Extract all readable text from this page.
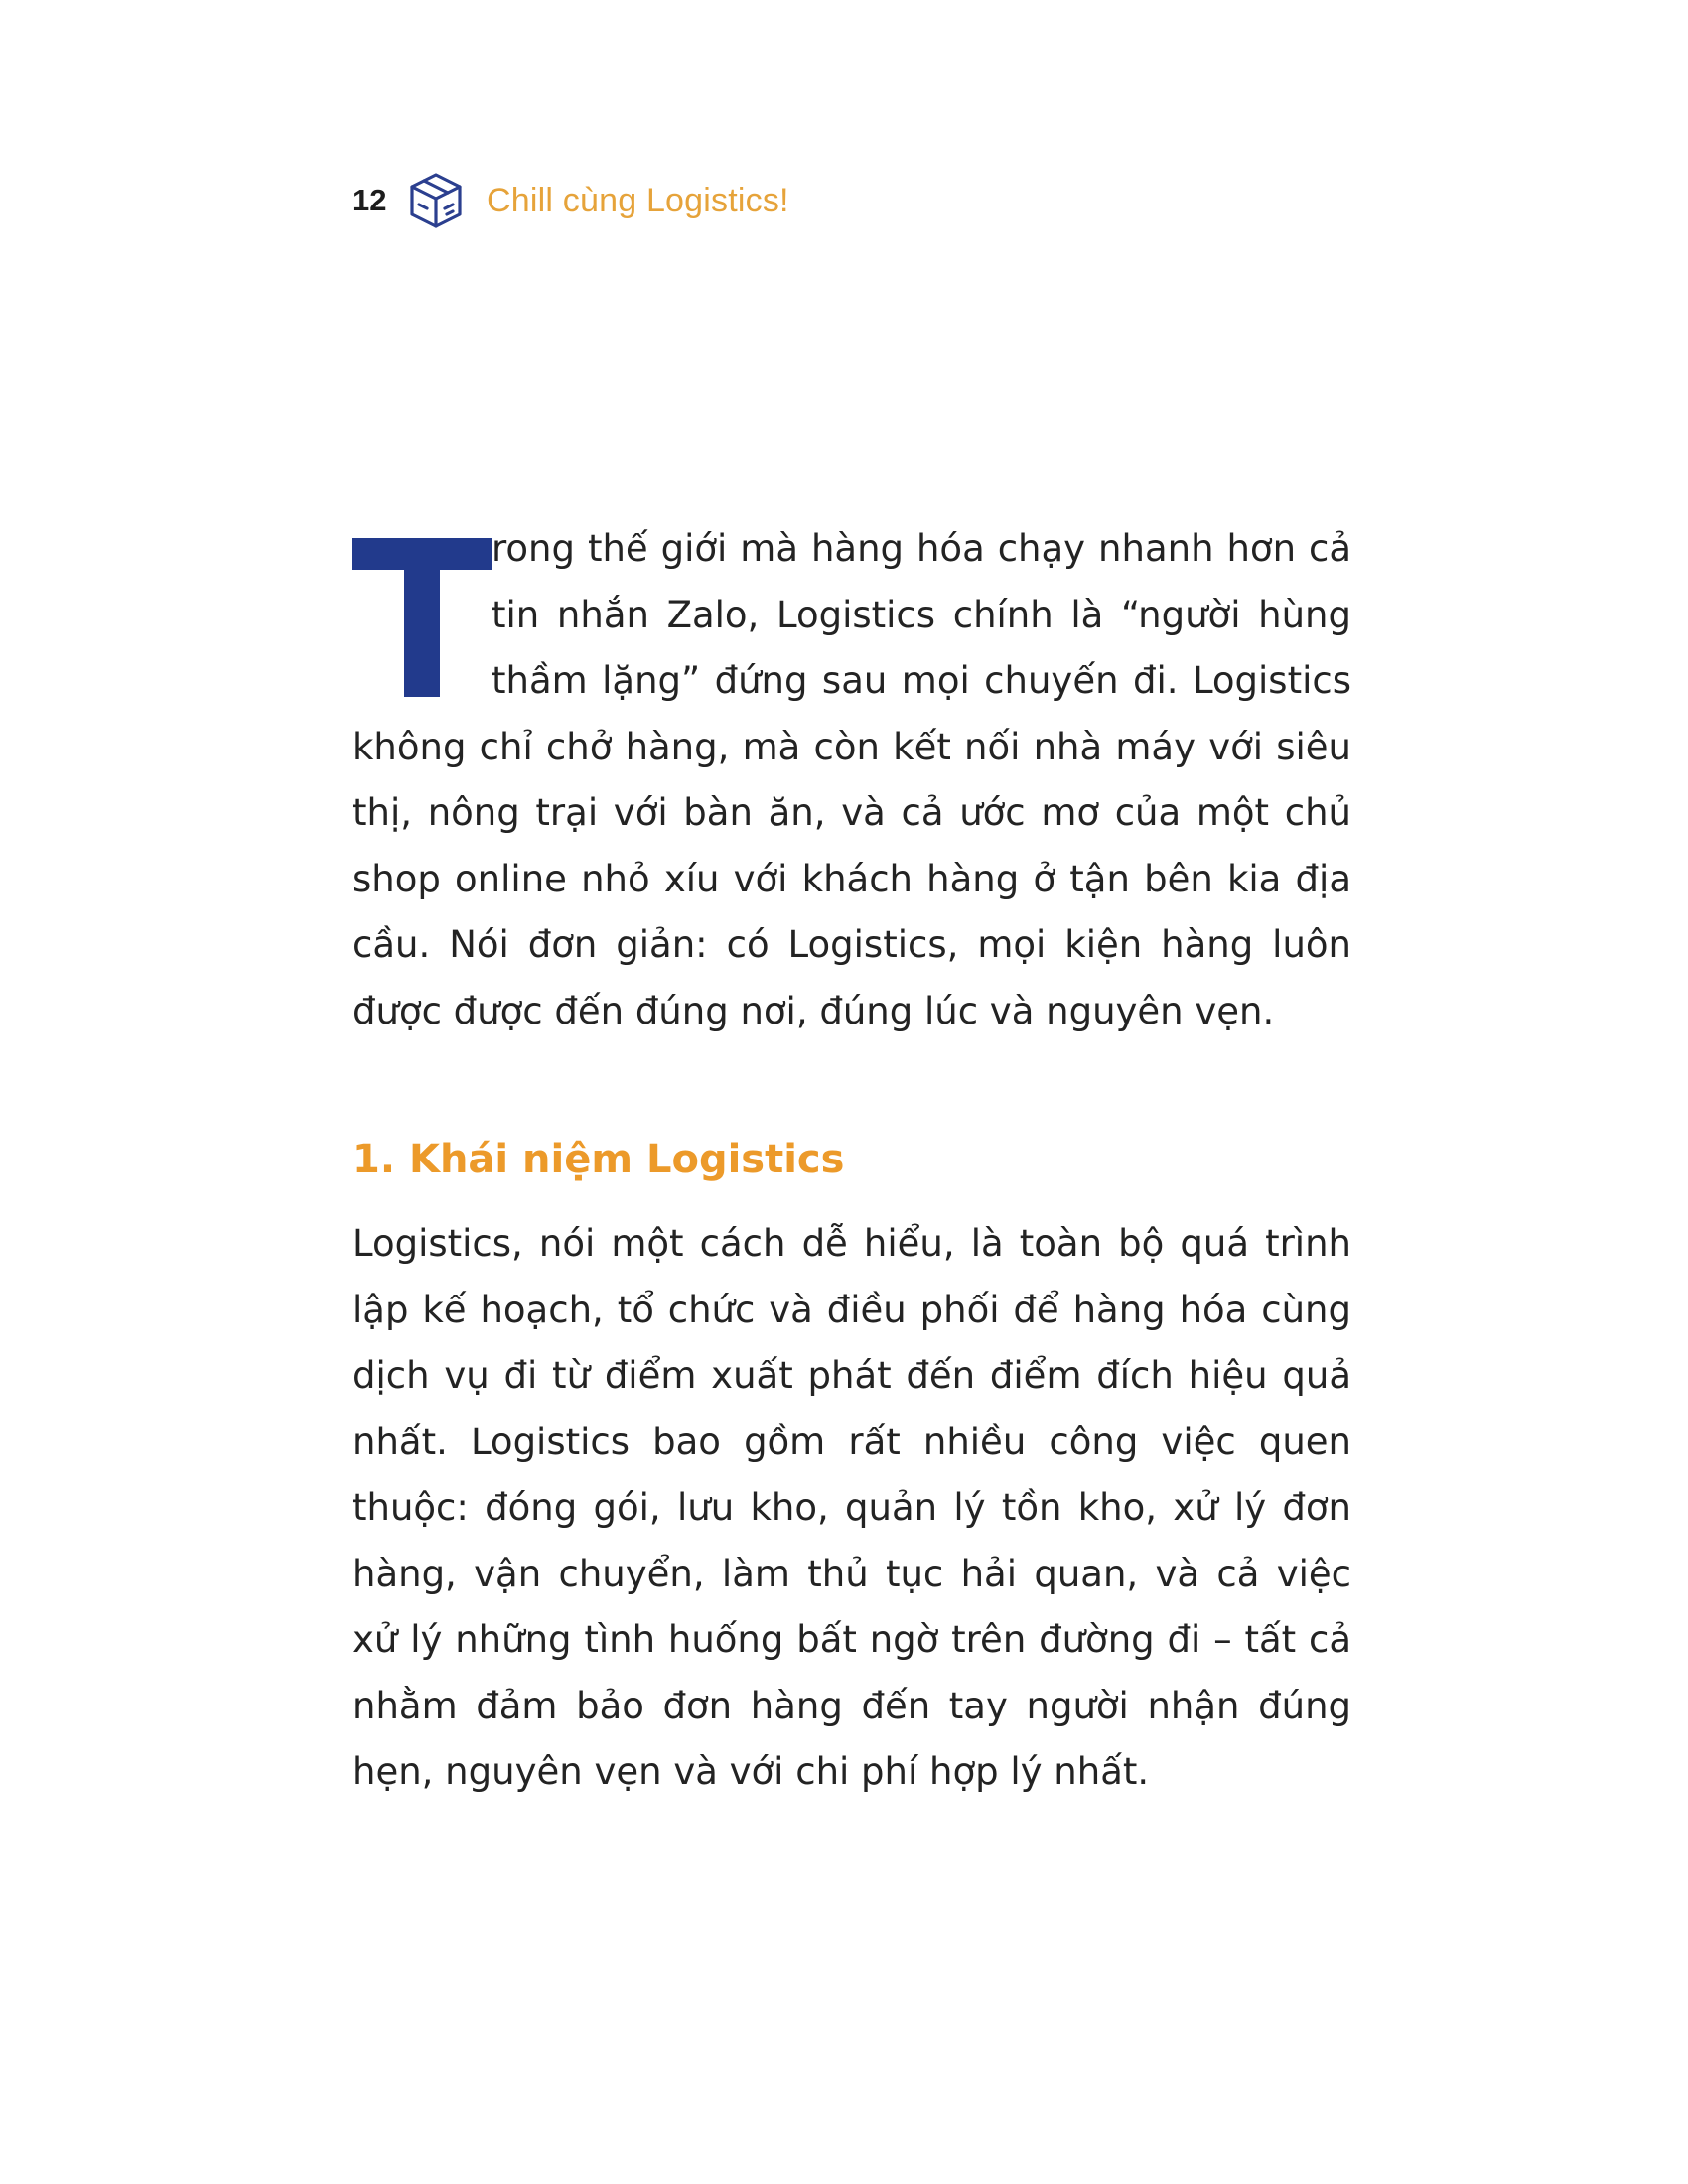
12	Chill cùng Logistics!

rong thế giới mà hàng hóa chạy nhanh hơn cả tin nhắn Zalo, Logistics chính là “người hùng thầm lặng” đứng sau mọi chuyến đi. Logistics không chỉ chở hàng, mà còn kết nối nhà máy với siêu thị, nông trại với bàn ăn, và cả ước mơ của một chủ shop online nhỏ xíu với khách hàng ở tận bên kia địa cầu. Nói đơn giản: có Logistics, mọi kiện hàng luôn được được đến đúng nơi, đúng lúc và nguyên vẹn.

1. Khái niệm Logistics

Logistics, nói một cách dễ hiểu, là toàn bộ quá trình lập kế hoạch, tổ chức và điều phối để hàng hóa cùng dịch vụ đi từ điểm xuất phát đến điểm đích hiệu quả nhất. Logistics bao gồm rất nhiều công việc quen thuộc: đóng gói, lưu kho, quản lý tồn kho, xử lý đơn hàng, vận chuyển, làm thủ tục hải quan, và cả việc xử lý những tình huống bất ngờ trên đường đi – tất cả nhằm đảm bảo đơn hàng đến tay người nhận đúng hẹn, nguyên vẹn và với chi phí hợp lý nhất.
